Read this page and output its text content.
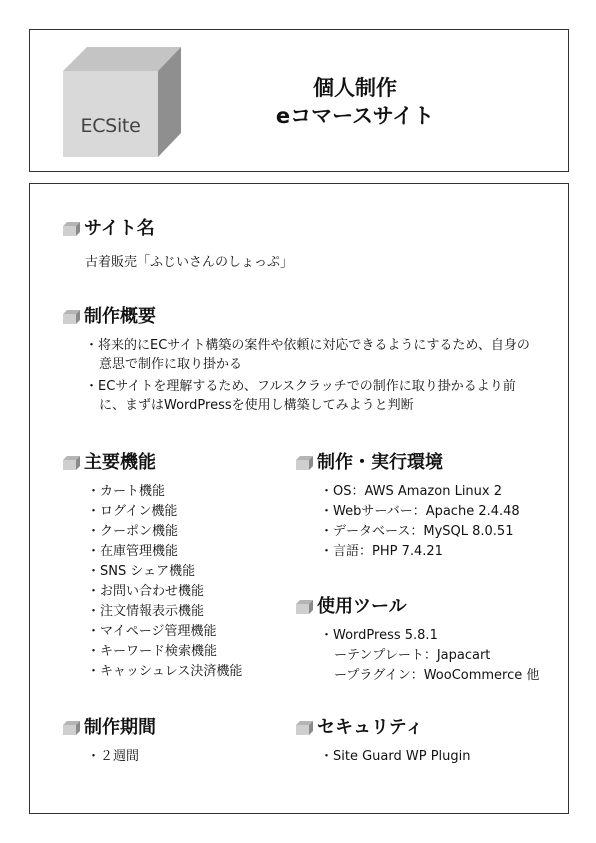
ECSite
個人制作
eコマースサイト
サイト名
古着販売「ふじいさんのしょっぷ」
制作概要
・将来的にECサイト構築の案件や依頼に対応できるようにするため、自身の意思で制作に取り掛かる
・ECサイトを理解するため、フルスクラッチでの制作に取り掛かるより前に、まずはWordPressを使用し構築してみようと判断
主要機能
・カート機能
・ログイン機能
・クーポン機能
・在庫管理機能
・SNS シェア機能
・お問い合わせ機能
・注文情報表示機能
・マイページ管理機能
・キーワード検索機能
・キャッシュレス決済機能
制作・実行環境
・OS：AWS Amazon Linux 2
・Webサーバー：Apache 2.4.48
・データベース：MySQL 8.0.51
・言語：PHP 7.4.21
使用ツール
・WordPress 5.8.1
ーテンプレート：Japacart
ープラグイン：WooCommerce 他
制作期間
・２週間
セキュリティ
・Site Guard WP Plugin
